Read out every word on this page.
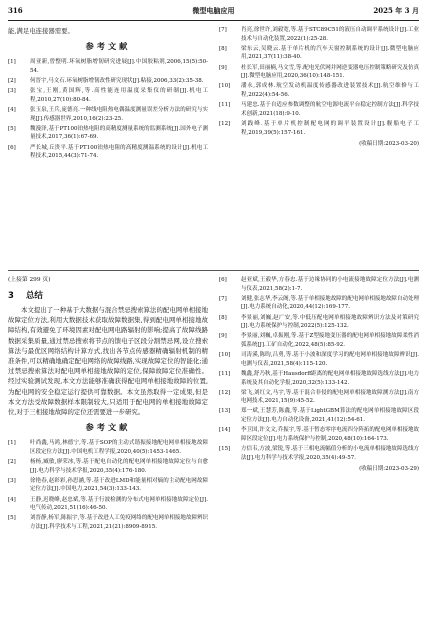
316	微型电脑应用	2025 年 3 月

能,满足电连接器需要。

参考文献
[1]	周亚新,曾整明.坏氧树脂增韧研究进展[J].中国胶粘剂,2006,15(5):50-54.
[2]	何晋宇,马文石.环氧树脂增韧改性研究现状[J].粘接,2006,33(2):35-38.
[3]	张宝,王刚,黄国辉,等.高性能连用温度采集仪的研制[J].机电工程,2010,27(10):80-84.
[4]	张玉泉,王兵,庞德亮.一种线电阻热电偶温度测量误差分析方法的研究与实现[J].传感器世界,2010,16(2):23-25.
[5]	魏漫泽,基于PT100铂热电阻的高精度测量系统的监测系统[J].国外电子测量技术,2017,36(1):67-69.
[6]	严长城,丘贵平.基于PT100铂热电阻的高精度测温系统的设计[J].机电工程技术,2015,44(3):71-74.
[7]	肖亮,徐世许,刘毅宽,等.基于STC89C51的液压自动调平系统设计[J].工业技术与自动化装置,2022(1):25-28.
[8]	梁东云,吴晓云.基于单片机的汽车天窗控制系统的设计[J].微型电脑应用,2021,37(11):38-40.
[9]	杜长军,田丽楠,马文雪,等.配电光伏网并网逆变器电压控制策略研究及仿真[J].微型电脑应用,2020,36(10):148-151.
[10]	潘永,郭成林.航空发动机温度传感器改进装置技术[J].航空维修与工程,2022(4):54-56.
[11]	马建忠.基于自适应参数调整的航空电源电流平台稳定控制方法[J].科学技术创新,2021(18):9-10.
[12]	刘践峰.基于单片机控制配电网的调平装置设计[J].舰船电子工程,2019,39(5):157-161.
(收稿日期:2023-03-20)

(上接第 299 页)

3 总结

本文提出了一种基于大数据与混合禁忌搜索算法的配电网单相接地故障定位方法,利用大数据技术获取故障数据集,得到配电网单相接地故障结构,有效避免了环境因素对配电网电路辐射的影响;提高了故障线路数据采集质量,通过禁忌搜索将节点的馈电子区段分割禁忌网,设立搜索算法与最优区网络结构计算方式,找出各节点传感器精确辐射机制的精准条件,可以精确地确定配电网络的故障线路,实现故障定位的智能化;通过禁忌搜索算法对配电网单相接地故障的定位,保障故障定位准确性。经过实验测试发现,本文方法能够准确获得配电网单相接地故障的位置,为配电网的安全稳定运行提供可靠数据。本文虽然取得一定成果,但是本文方法受故障数据样本限制较大,只适用于配电网的单相接地故障定位,对于三相接地故障的定位还需要进一步研究。

参考文献
[1]	叶尚鑫,马鸿,林德宁,等.基于SOP的主动式谐振接地配电网单相接地故障区段定位方法[J].中国电机工程学报,2020,40(5):1453-1465.
[2]	杨杨,臧敏,廖荣冰,等.基于配电自动化的配电网单相接地故障定位与自愈[J].电力科学与技术学报,2020,35(4):176-180.
[3]	徐艳春,赵彩彩,孙思涵,等.基于改进LMD和能量相对熵的主动配电网故障定位方法[J].中国电力,2021,54(3):133-143.
[4]	王静,迟晓峰,赵忠斌,等.基于行波检测的分布式电网单相接地故障定位[J].电气传动,2021,51(16):46-50.
[5]	刘晋静,杨军,陈振宇,等.基于改进人工免疫网络的配电网单相接地故障辨识方法[J].科学技术与工程,2021,21(21):8909-8915.
[6]	赵亚斌,王毅华,方春忠.基于边缘协同的小电流接地故障定位方法[J].电测与仪表,2021,58(2):1-7.
[7]	刘健,张志华,李云阁,等.基于单相接地故障的配电网单相接地故障自动处理[J].电力系统自动化,2020,44(12):169-177.
[8]	李景丽,刘巍,赵广安,等.中低压配电网单相接地故障辨识方法及对策研究[J].电力系统保护与控制,2022(5):125-132.
[9]	李景丽,刘巍,卓振刚,等.基于Z型接地变压器的配电网单相接地故障柔性消弧系统[J].工矿自动化,2022,48(5):85-92.
[10]	司涛溪,陈昀,吕勇,等.基于小波和深度学习的配电网单相接地故障辨识[J].电测与仪表,2021,58(4):115-120.
[11]	魏鑫,舒乃秋,基于Hausdorff距离的配电网单相接地故障选线方法[J].电力系统及其自动化学报,2020,32(5):133-142.
[12]	梁飞,刘红文,马宇,等.基于混合非侵的配电网单相接地故障测方法[J].南方电网技术,2021,15(9):45-52.
[13]	郑一斌,王慧芳,陈鑫,等.基于LightGBM算法的配电网单相接地故障区段定位方法[J].电力自动化设备,2021,41(12):54-61.
[14]	李卫国,许文文,乔振宇,等.基于暂态零序电流四分阵拓的配电网单相接地故障区段定位[J].电力系统保护与控制,2020,48(10):164-173.
[15]	方信韦,方波,梁锐,等.基于三相电流幅值分析的小电流单相接地故障选线方法[J].电力科学与技术学报,2020,35(4):49-57.
(收稿日期:2023-03-29)
